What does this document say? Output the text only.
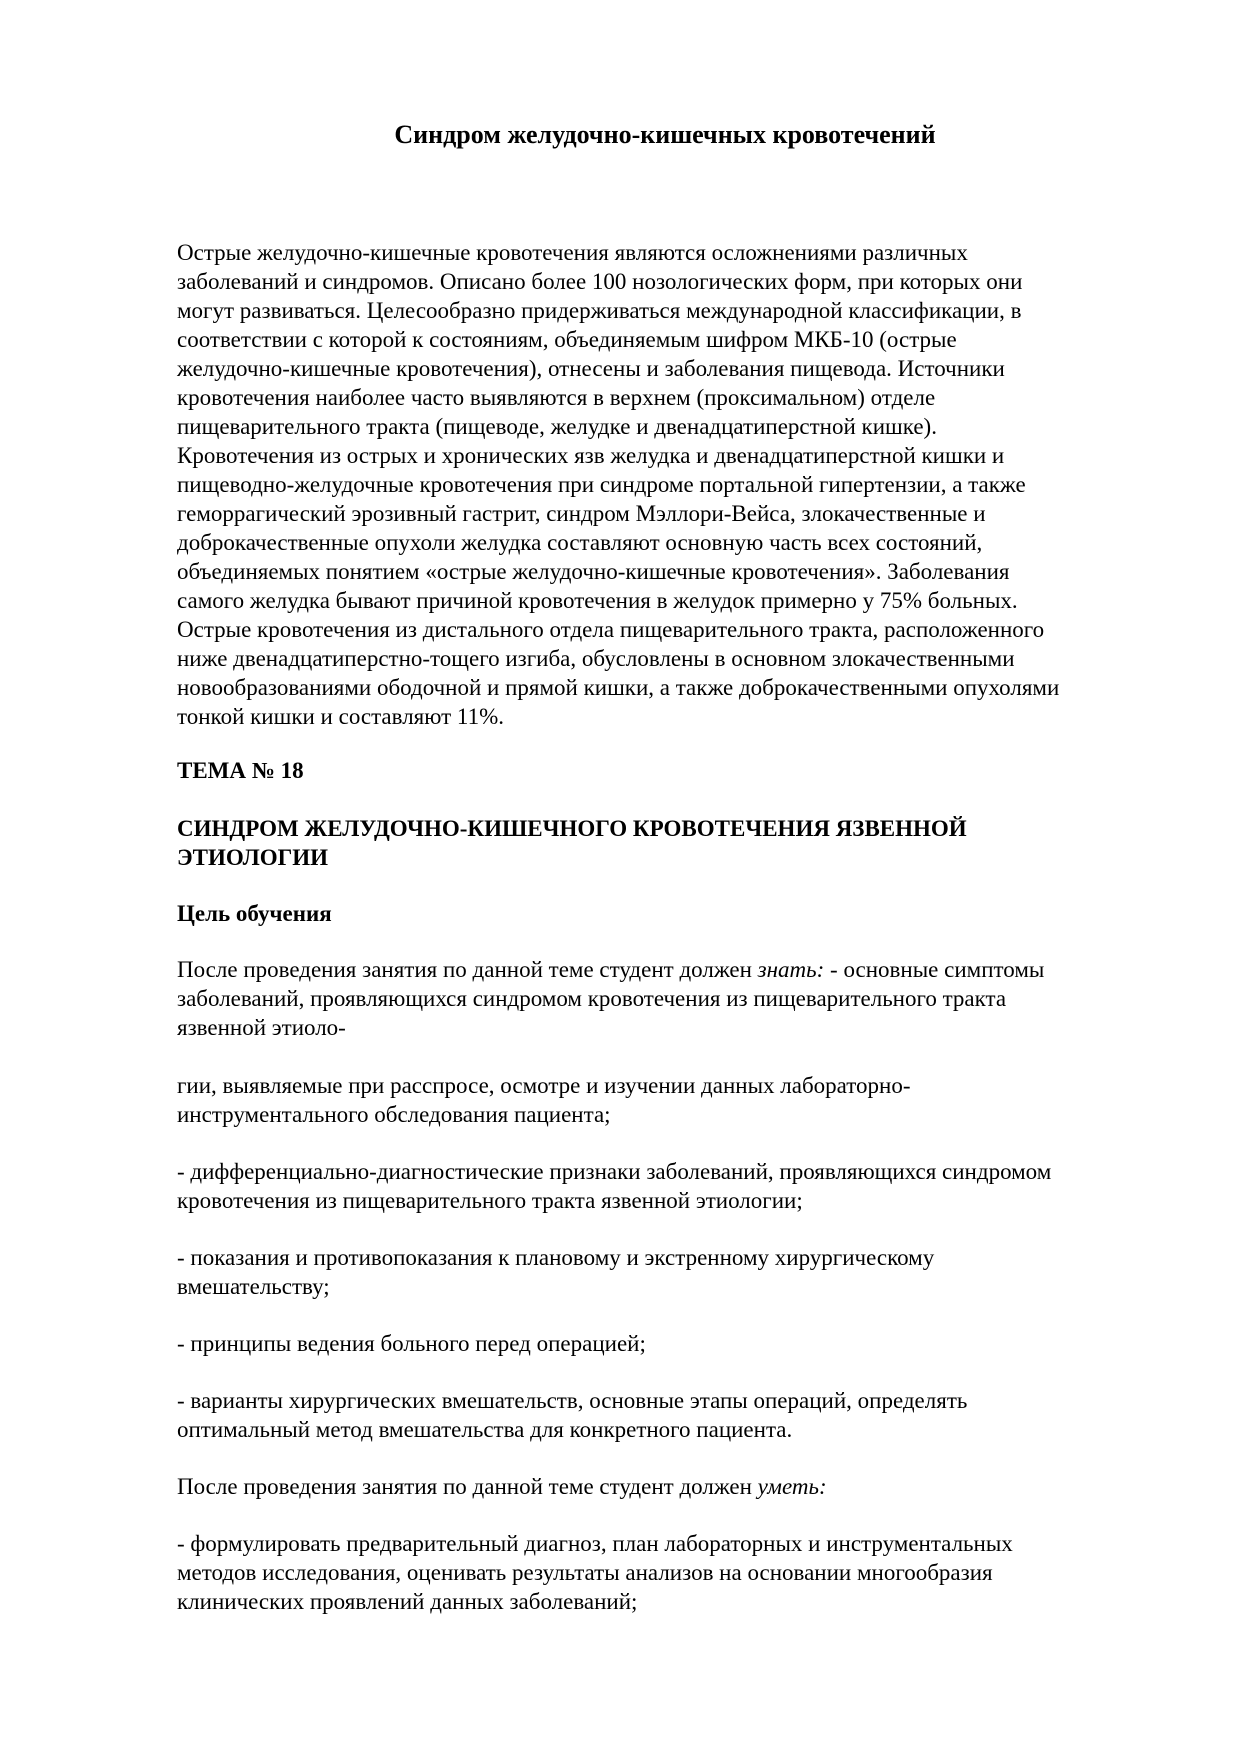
Синдром желудочно-кишечных кровотечений
Острые желудочно-кишечные кровотечения являются осложнениями различных
заболеваний и синдромов. Описано более 100 нозологических форм, при которых они
могут развиваться. Целесообразно придерживаться международной классификации, в
соответствии с которой к состояниям, объединяемым шифром МКБ-10 (острые
желудочно-кишечные кровотечения), отнесены и заболевания пищевода. Источники
кровотечения наиболее часто выявляются в верхнем (проксимальном) отделе
пищеварительного тракта (пищеводе, желудке и двенадцатиперстной кишке).
Кровотечения из острых и хронических язв желудка и двенадцатиперстной кишки и
пищеводно-желудочные кровотечения при синдроме портальной гипертензии, а также
геморрагический эрозивный гастрит, синдром Мэллори-Вейса, злокачественные и
доброкачественные опухоли желудка составляют основную часть всех состояний,
объединяемых понятием «острые желудочно-кишечные кровотечения». Заболевания
самого желудка бывают причиной кровотечения в желудок примерно у 75% больных.
Острые кровотечения из дистального отдела пищеварительного тракта, расположенного
ниже двенадцатиперстно-тощего изгиба, обусловлены в основном злокачественными
новообразованиями ободочной и прямой кишки, а также доброкачественными опухолями
тонкой кишки и составляют 11%.
ТЕМА № 18
СИНДРОМ ЖЕЛУДОЧНО-КИШЕЧНОГО КРОВОТЕЧЕНИЯ ЯЗВЕННОЙ
ЭТИОЛОГИИ
Цель обучения
После проведения занятия по данной теме студент должен знать: - основные симптомы
заболеваний, проявляющихся синдромом кровотечения из пищеварительного тракта
язвенной этиоло-
гии, выявляемые при расспросе, осмотре и изучении данных лабораторно-
инструментального обследования пациента;
- дифференциально-диагностические признаки заболеваний, проявляющихся синдромом
кровотечения из пищеварительного тракта язвенной этиологии;
- показания и противопоказания к плановому и экстренному хирургическому
вмешательству;
- принципы ведения больного перед операцией;
- варианты хирургических вмешательств, основные этапы операций, определять
оптимальный метод вмешательства для конкретного пациента.
После проведения занятия по данной теме студент должен уметь:
- формулировать предварительный диагноз, план лабораторных и инструментальных
методов исследования, оценивать результаты анализов на основании многообразия
клинических проявлений данных заболеваний;
